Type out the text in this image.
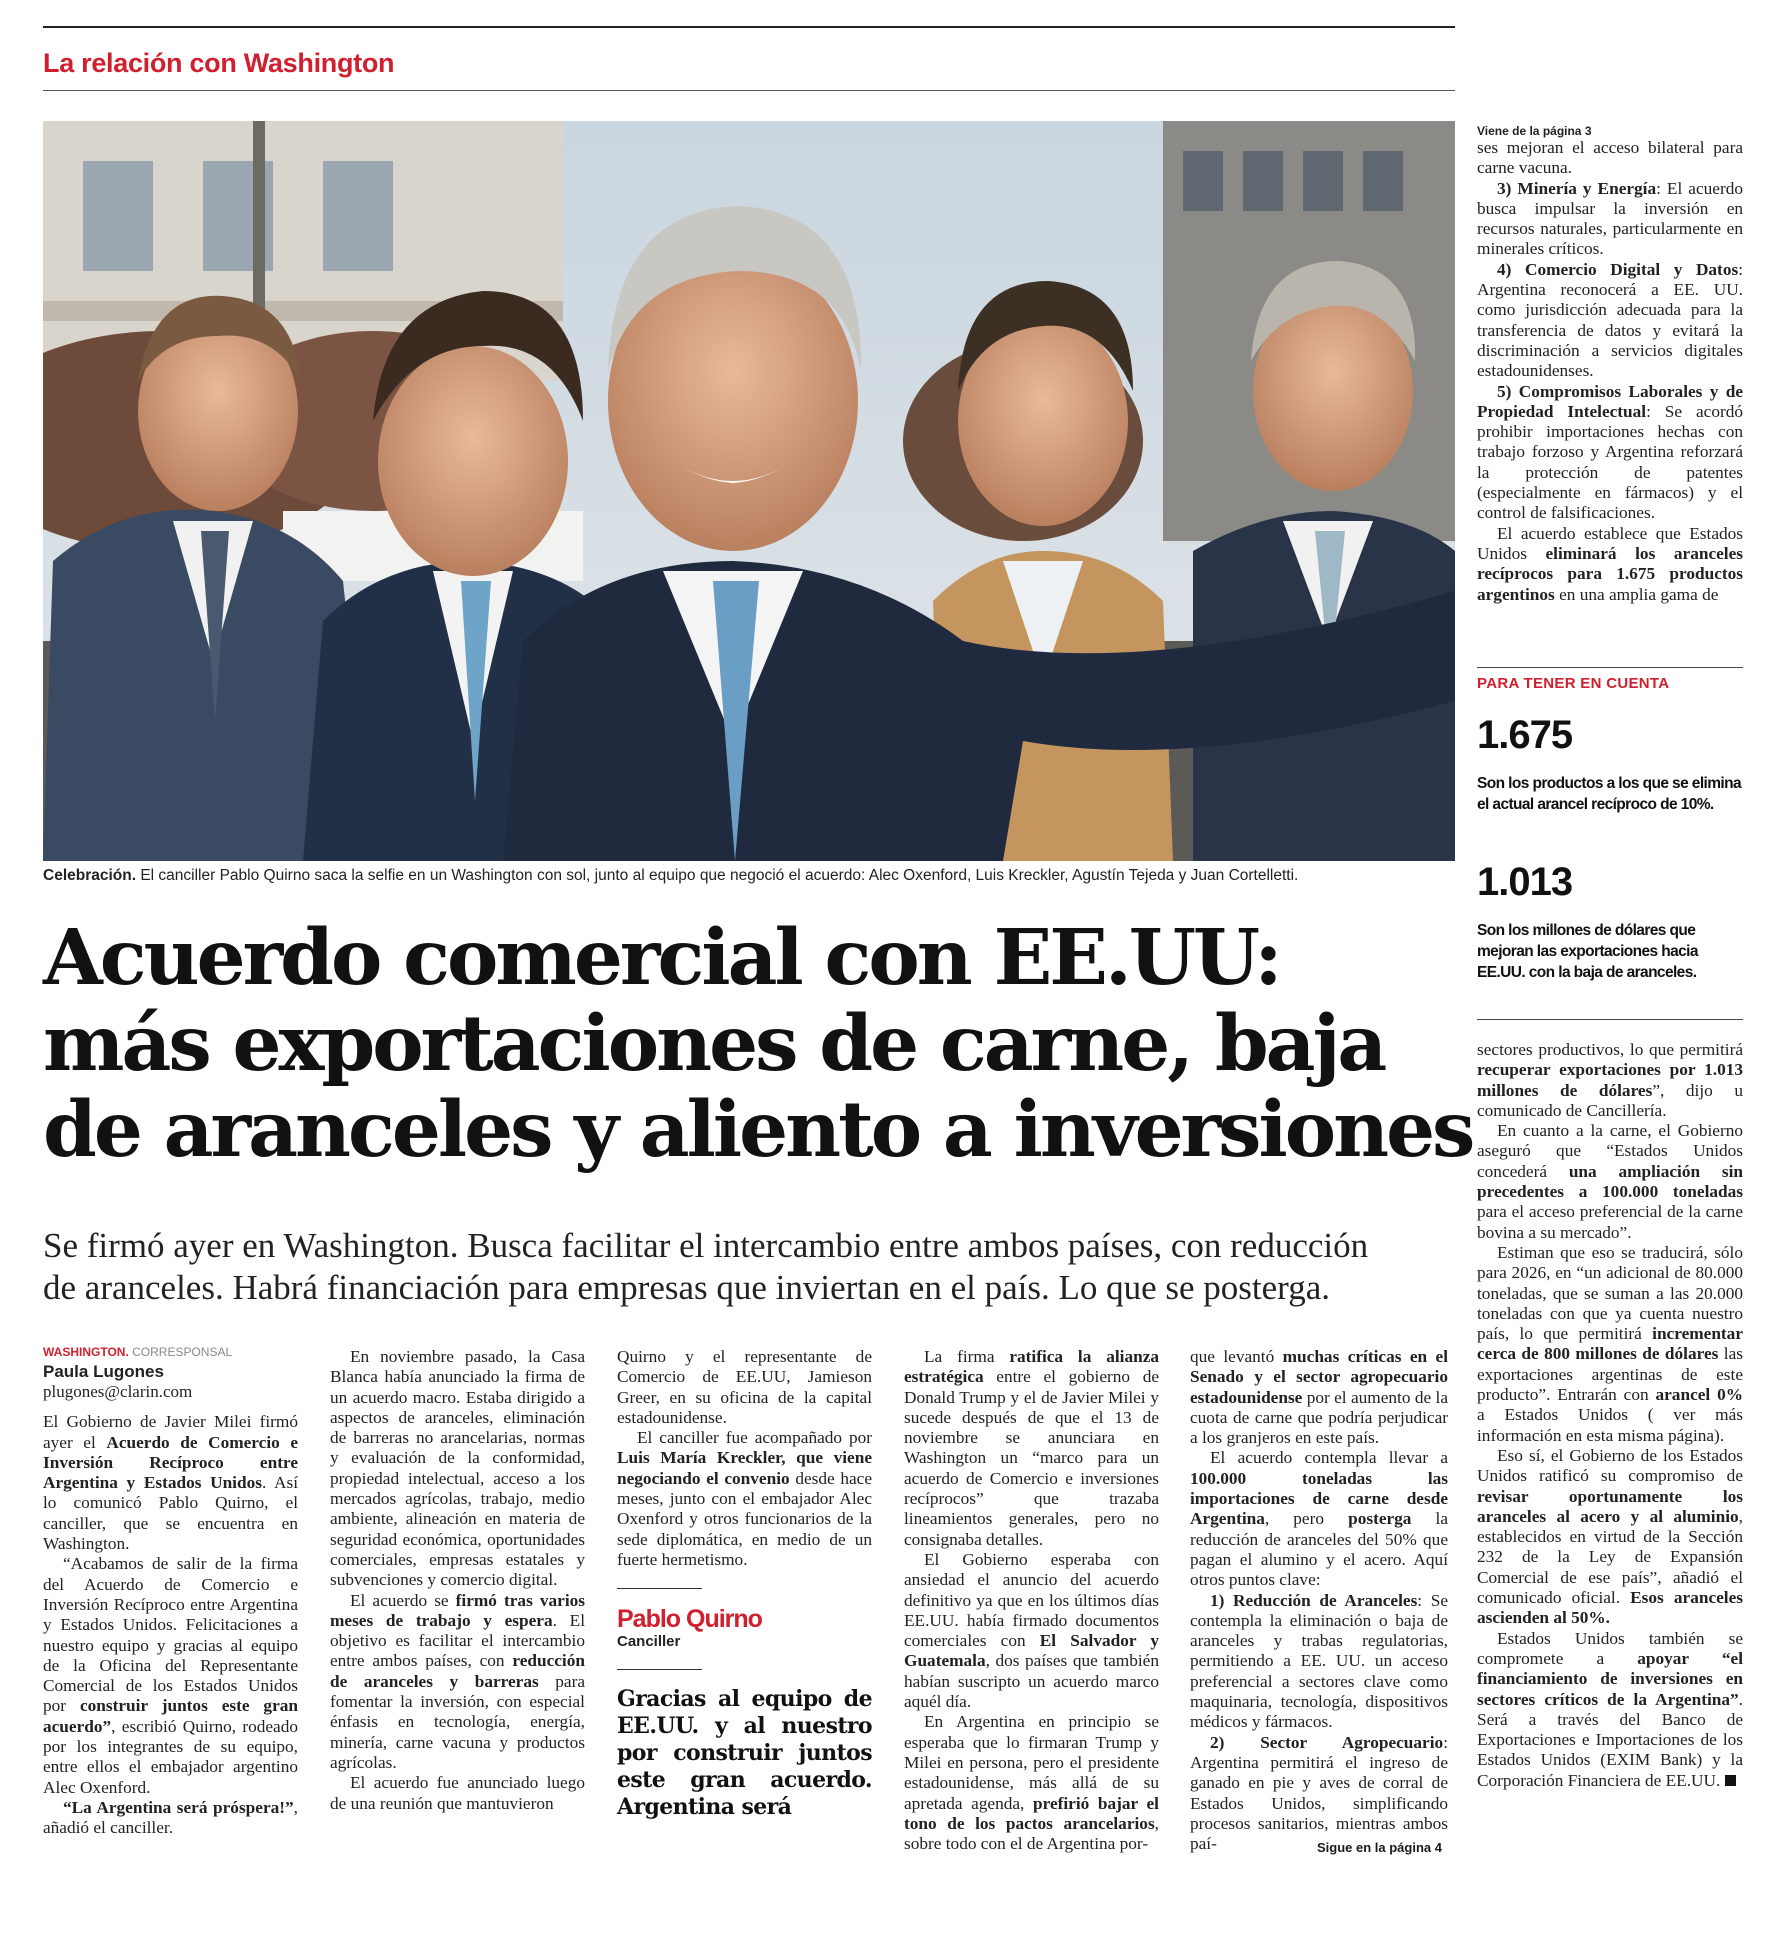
La relación con Washington
Celebración. El canciller Pablo Quirno saca la selfie en un Washington con sol, junto al equipo que negoció el acuerdo: Alec Oxenford, Luis Kreckler, Agustín Tejeda y Juan Cortelletti.
Acuerdo comercial con EE.UU:
más exportaciones de carne, baja
de aranceles y aliento a inversiones
Se firmó ayer en Washington. Busca facilitar el intercambio entre ambos países, con reducción
de aranceles. Habrá financiación para empresas que inviertan en el país. Lo que se posterga.
WASHINGTON. CORRESPONSAL
Paula Lugones
plugones@clarin.com

El Gobierno de Javier Milei firmó ayer el Acuerdo de Comercio e Inversión Recíproco entre Argentina y Estados Unidos. Así lo comunicó Pablo Quirno, el canciller, que se encuentra en Washington.

“Acabamos de salir de la firma del Acuerdo de Comercio e Inversión Recíproco entre Argentina y Estados Unidos. Felicitaciones a nuestro equipo y gracias al equipo de la Oficina del Representante Comercial de los Estados Unidos por construir juntos este gran acuerdo”, escribió Quirno, rodeado por los integrantes de su equipo, entre ellos el embajador argentino Alec Oxenford.

“La Argentina será próspera!”, añadió el canciller.

En noviembre pasado, la Casa Blanca había anunciado la firma de un acuerdo macro. Estaba dirigido a aspectos de aranceles, eliminación de barreras no arancelarias, normas y evaluación de la conformidad, propiedad intelectual, acceso a los mercados agrícolas, trabajo, medio ambiente, alineación en materia de seguridad económica, oportunidades comerciales, empresas estatales y subvenciones y comercio digital.

El acuerdo se firmó tras varios meses de trabajo y espera. El objetivo es facilitar el intercambio entre ambos países, con reducción de aranceles y barreras para fomentar la inversión, con especial énfasis en tecnología, energía, minería, carne vacuna y productos agrícolas.

El acuerdo fue anunciado luego de una reunión que mantuvieron

Quirno y el representante de Comercio de EE.UU, Jamieson Greer, en su oficina de la capital estadounidense.

El canciller fue acompañado por Luis María Kreckler, que viene negociando el convenio desde hace meses, junto con el embajador Alec Oxenford y otros funcionarios de la sede diplomática, en medio de un fuerte hermetismo.

Pablo Quirno
Canciller
Gracias al equipo de EE.UU. y al nuestro por construir juntos este gran acuerdo. Argentina será

La firma ratifica la alianza estratégica entre el gobierno de Donald Trump y el de Javier Milei y sucede después de que el 13 de noviembre se anunciara en Washington un “marco para un acuerdo de Comercio e inversiones recíprocos” que trazaba lineamientos generales, pero no consignaba detalles.

El Gobierno esperaba con ansiedad el anuncio del acuerdo definitivo ya que en los últimos días EE.UU. había firmado documentos comerciales con El Salvador y Guatemala, dos países que también habían suscripto un acuerdo marco aquél día.

En Argentina en principio se esperaba que lo firmaran Trump y Milei en persona, pero el presidente estadounidense, más allá de su apretada agenda, prefirió bajar el tono de los pactos arancelarios, sobre todo con el de Argentina por-

que levantó muchas críticas en el Senado y el sector agropecuario estadounidense por el aumento de la cuota de carne que podría perjudicar a los granjeros en este país.

El acuerdo contempla llevar a 100.000 toneladas las importaciones de carne desde Argentina, pero posterga la reducción de aranceles del 50% que pagan el alumino y el acero. Aquí otros puntos clave:

1) Reducción de Aranceles: Se contempla la eliminación o baja de aranceles y trabas regulatorias, permitiendo a EE. UU. un acceso preferencial a sectores clave como maquinaria, tecnología, dispositivos médicos y fármacos.

2) Sector Agropecuario: Argentina permitirá el ingreso de ganado en pie y aves de corral de Estados Unidos, simplificando procesos sanitarios, mientras ambos paí-	Sigue en la página 4
Viene de la página 3

ses mejoran el acceso bilateral para carne vacuna.

3) Minería y Energía: El acuerdo busca impulsar la inversión en recursos naturales, particularmente en minerales críticos.

4) Comercio Digital y Datos: Argentina reconocerá a EE. UU. como jurisdicción adecuada para la transferencia de datos y evitará la discriminación a servicios digitales estadounidenses.

5) Compromisos Laborales y de Propiedad Intelectual: Se acordó prohibir importaciones hechas con trabajo forzoso y Argentina reforzará la protección de patentes (especialmente en fármacos) y el control de falsificaciones.

El acuerdo establece que Estados Unidos eliminará los aranceles recíprocos para 1.675 productos argentinos en una amplia gama de

PARA TENER EN CUENTA
1.675
Son los productos a los que se elimina el actual arancel recíproco de 10%.
1.013
Son los millones de dólares que mejoran las exportaciones hacia EE.UU. con la baja de aranceles.

sectores productivos, lo que permitirá recuperar exportaciones por 1.013 millones de dólares”, dijo u comunicado de Cancillería.

En cuanto a la carne, el Gobierno aseguró que “Estados Unidos concederá una ampliación sin precedentes a 100.000 toneladas para el acceso preferencial de la carne bovina a su mercado”.

Estiman que eso se traducirá, sólo para 2026, en “un adicional de 80.000 toneladas, que se suman a las 20.000 toneladas con que ya cuenta nuestro país, lo que permitirá incrementar cerca de 800 millones de dólares las exportaciones argentinas de este producto”. Entrarán con arancel 0% a Estados Unidos ( ver más información en esta misma página).

Eso sí, el Gobierno de los Estados Unidos ratificó su compromiso de revisar oportunamente los aranceles al acero y al aluminio, establecidos en virtud de la Sección 232 de la Ley de Expansión Comercial de ese país”, añadió el comunicado oficial. Esos aranceles ascienden al 50%.

Estados Unidos también se compromete a apoyar “el financiamiento de inversiones en sectores críticos de la Argentina”. Será a través del Banco de Exportaciones e Importaciones de los Estados Unidos (EXIM Bank) y la Corporación Financiera de EE.UU.
